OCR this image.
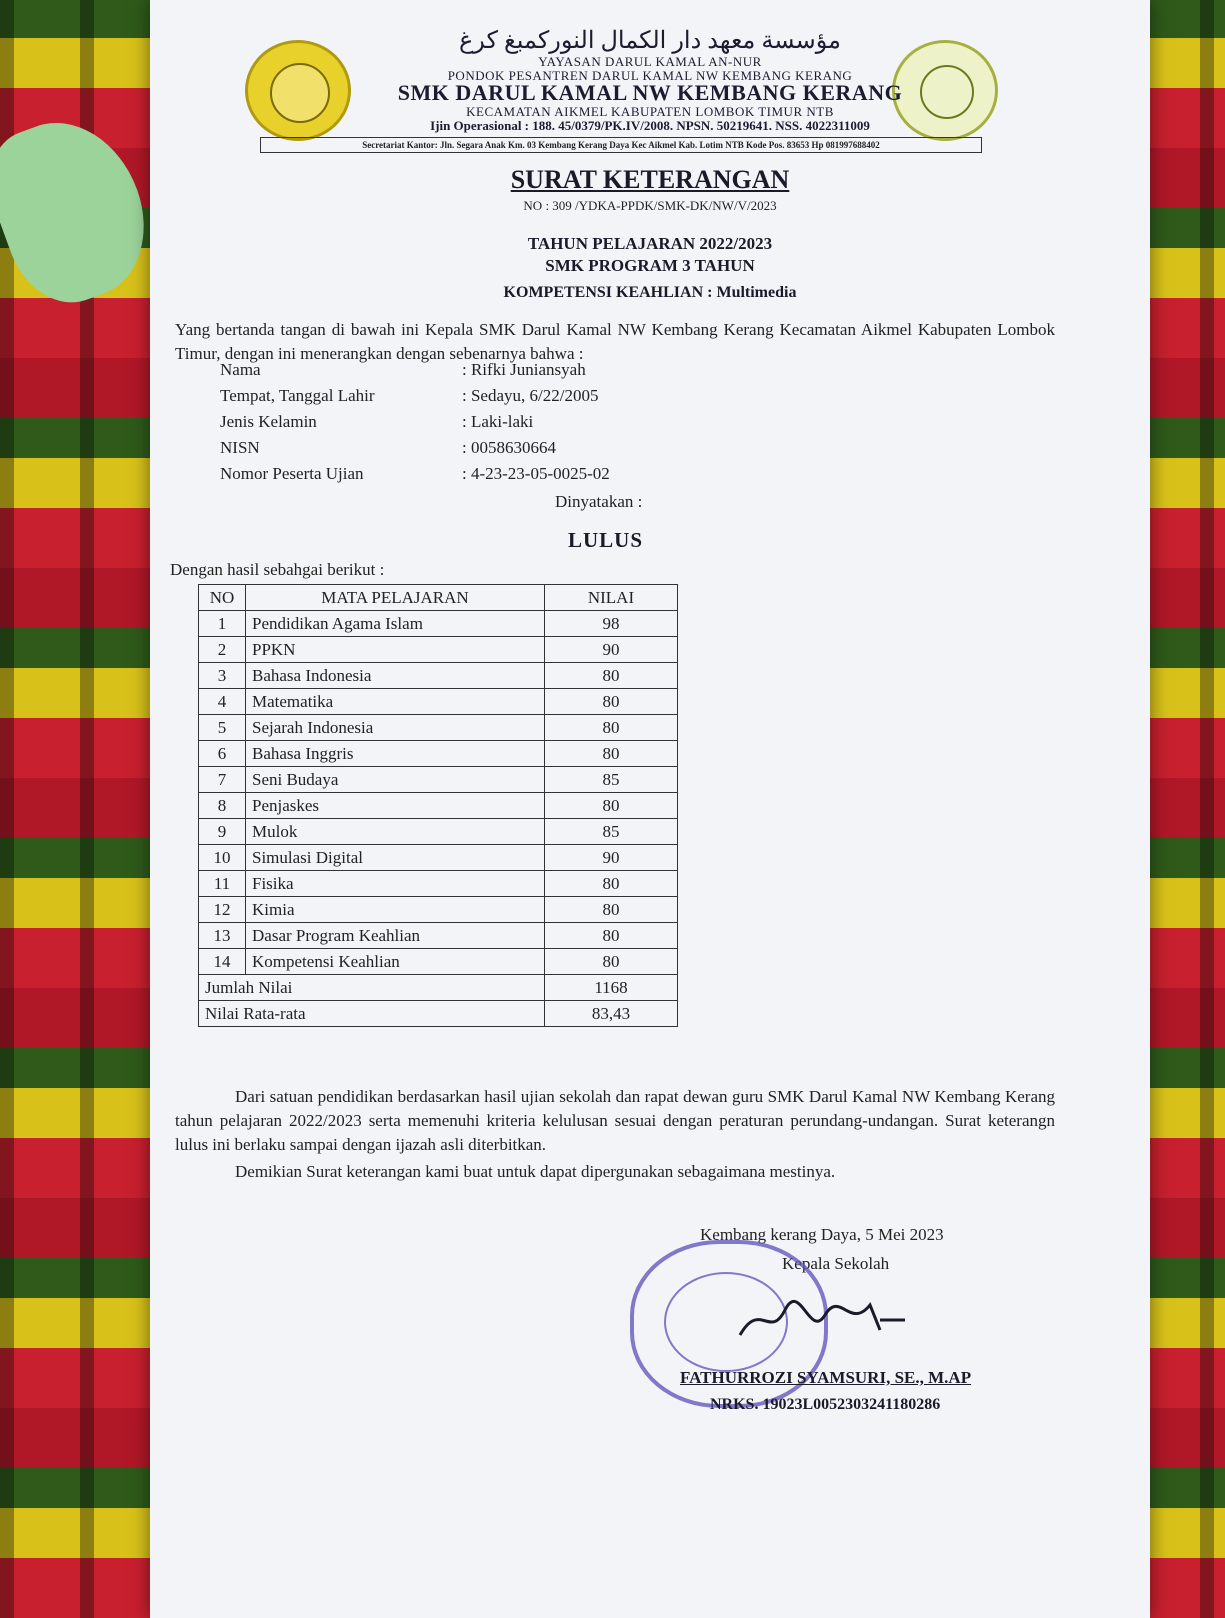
مؤسسة معهد دار الكمال النوركمبغ كرغ
YAYASAN DARUL KAMAL AN-NUR
PONDOK PESANTREN DARUL KAMAL NW KEMBANG KERANG
SMK DARUL KAMAL NW KEMBANG KERANG
KECAMATAN AIKMEL KABUPATEN LOMBOK TIMUR NTB
Ijin Operasional : 188. 45/0379/PK.IV/2008. NPSN. 50219641. NSS. 4022311009
Secretariat Kantor: Jln. Segara Anak Km. 03 Kembang Kerang Daya Kec Aikmel Kab. Lotim NTB Kode Pos. 83653 Hp 081997688402
SURAT KETERANGAN
NO : 309 /YDKA-PPDK/SMK-DK/NW/V/2023
TAHUN PELAJARAN 2022/2023
SMK PROGRAM 3 TAHUN
KOMPETENSI KEAHLIAN : Multimedia
Yang bertanda tangan di bawah ini Kepala SMK Darul Kamal NW Kembang Kerang Kecamatan Aikmel Kabupaten Lombok Timur, dengan ini menerangkan dengan sebenarnya bahwa :
Nama	: Rifki Juniansyah
Tempat, Tanggal Lahir	: Sedayu, 6/22/2005
Jenis Kelamin	: Laki-laki
NISN	: 0058630664
Nomor Peserta Ujian	: 4-23-23-05-0025-02
Dinyatakan :
LULUS
Dengan hasil sebahgai berikut :
NO	MATA PELAJARAN	NILAI
1	Pendidikan Agama Islam	98
2	PPKN	90
3	Bahasa Indonesia	80
4	Matematika	80
5	Sejarah Indonesia	80
6	Bahasa Inggris	80
7	Seni Budaya	85
8	Penjaskes	80
9	Mulok	85
10	Simulasi Digital	90
11	Fisika	80
12	Kimia	80
13	Dasar Program Keahlian	80
14	Kompetensi Keahlian	80
Jumlah Nilai		1168
Nilai Rata-rata		83,43
Dari satuan pendidikan berdasarkan hasil ujian sekolah dan rapat dewan guru SMK Darul Kamal NW Kembang Kerang tahun pelajaran 2022/2023 serta memenuhi kriteria kelulusan sesuai dengan peraturan perundang-undangan. Surat keterangn lulus ini berlaku sampai dengan ijazah asli diterbitkan.
Demikian Surat keterangan kami buat untuk dapat dipergunakan sebagaimana mestinya.
Kembang kerang Daya, 5 Mei 2023
Kepala Sekolah
FATHURROZI SYAMSURI, SE., M.AP
NRKS. 19023L0052303241180286
